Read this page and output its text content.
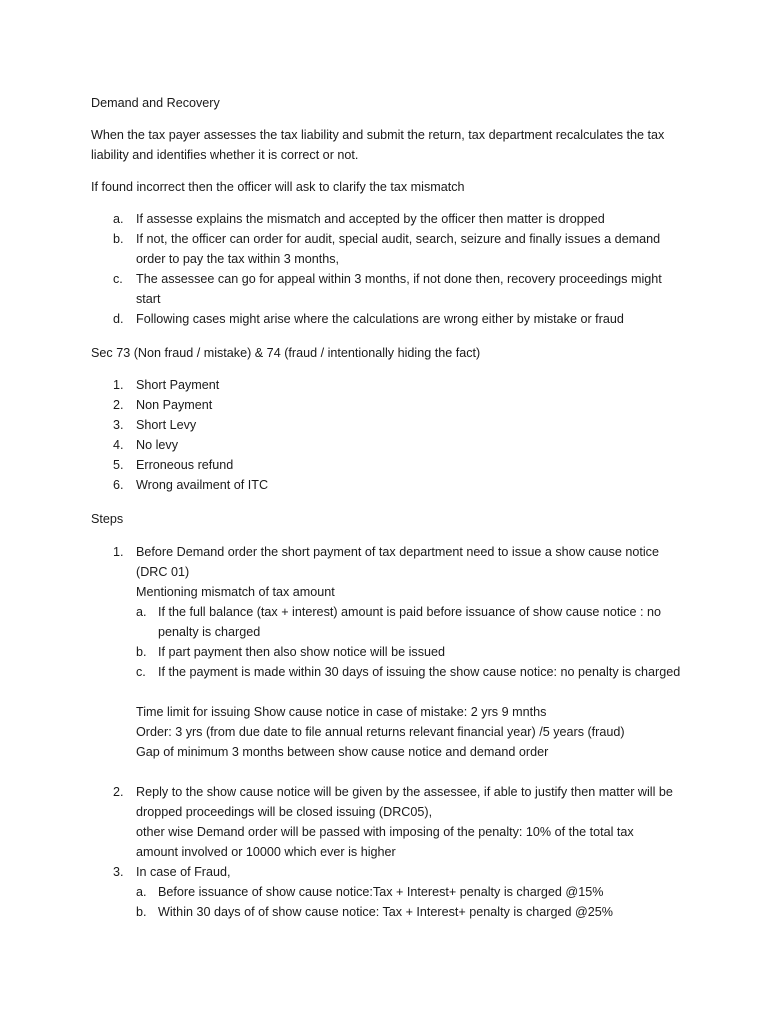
Demand and Recovery

When the tax payer assesses the tax liability and submit the return, tax department recalculates the tax liability and identifies whether it is correct or not.

If found incorrect then the officer will ask to clarify the tax mismatch

a. If assesse explains the mismatch and accepted by the officer then matter is dropped
b. If not, the officer can order for audit, special audit, search, seizure and finally issues a demand order to pay the tax within 3 months,
c.	The assessee can go for appeal within 3 months, if not done then, recovery proceedings might start
d. Following cases might arise where the calculations are wrong either by mistake or fraud

Sec 73 (Non fraud / mistake) & 74 (fraud / intentionally hiding the fact)

1. Short Payment
2. Non Payment
3. Short Levy
4. No levy
5. Erroneous refund
6. Wrong availment of ITC

Steps

1. Before Demand order the short payment of tax department need to issue a show cause notice (DRC 01)

Mentioning mismatch of tax amount

a. If the full balance (tax + interest) amount is paid before issuance of show cause notice : no penalty is charged
b. If part payment then also show notice will be issued
c. If the payment is made within 30 days of issuing the show cause notice: no penalty is charged

Time limit for issuing Show cause notice in case of mistake: 2 yrs 9 mnths

Order: 3 yrs (from due date to file annual returns relevant financial year) /5 years (fraud)

Gap of minimum 3 months between show cause notice and demand order

2. Reply to the show cause notice will be given by the assessee, if able to justify then matter will be dropped proceedings will be closed issuing (DRC05),

other wise Demand order will be passed with imposing of the penalty: 10% of the total tax amount involved or 10000 which ever is higher

3. In case of Fraud,
a. Before issuance of show cause notice:Tax + Interest+ penalty is charged @15%
b. Within 30 days of of show cause notice: Tax + Interest+ penalty is charged @25%
